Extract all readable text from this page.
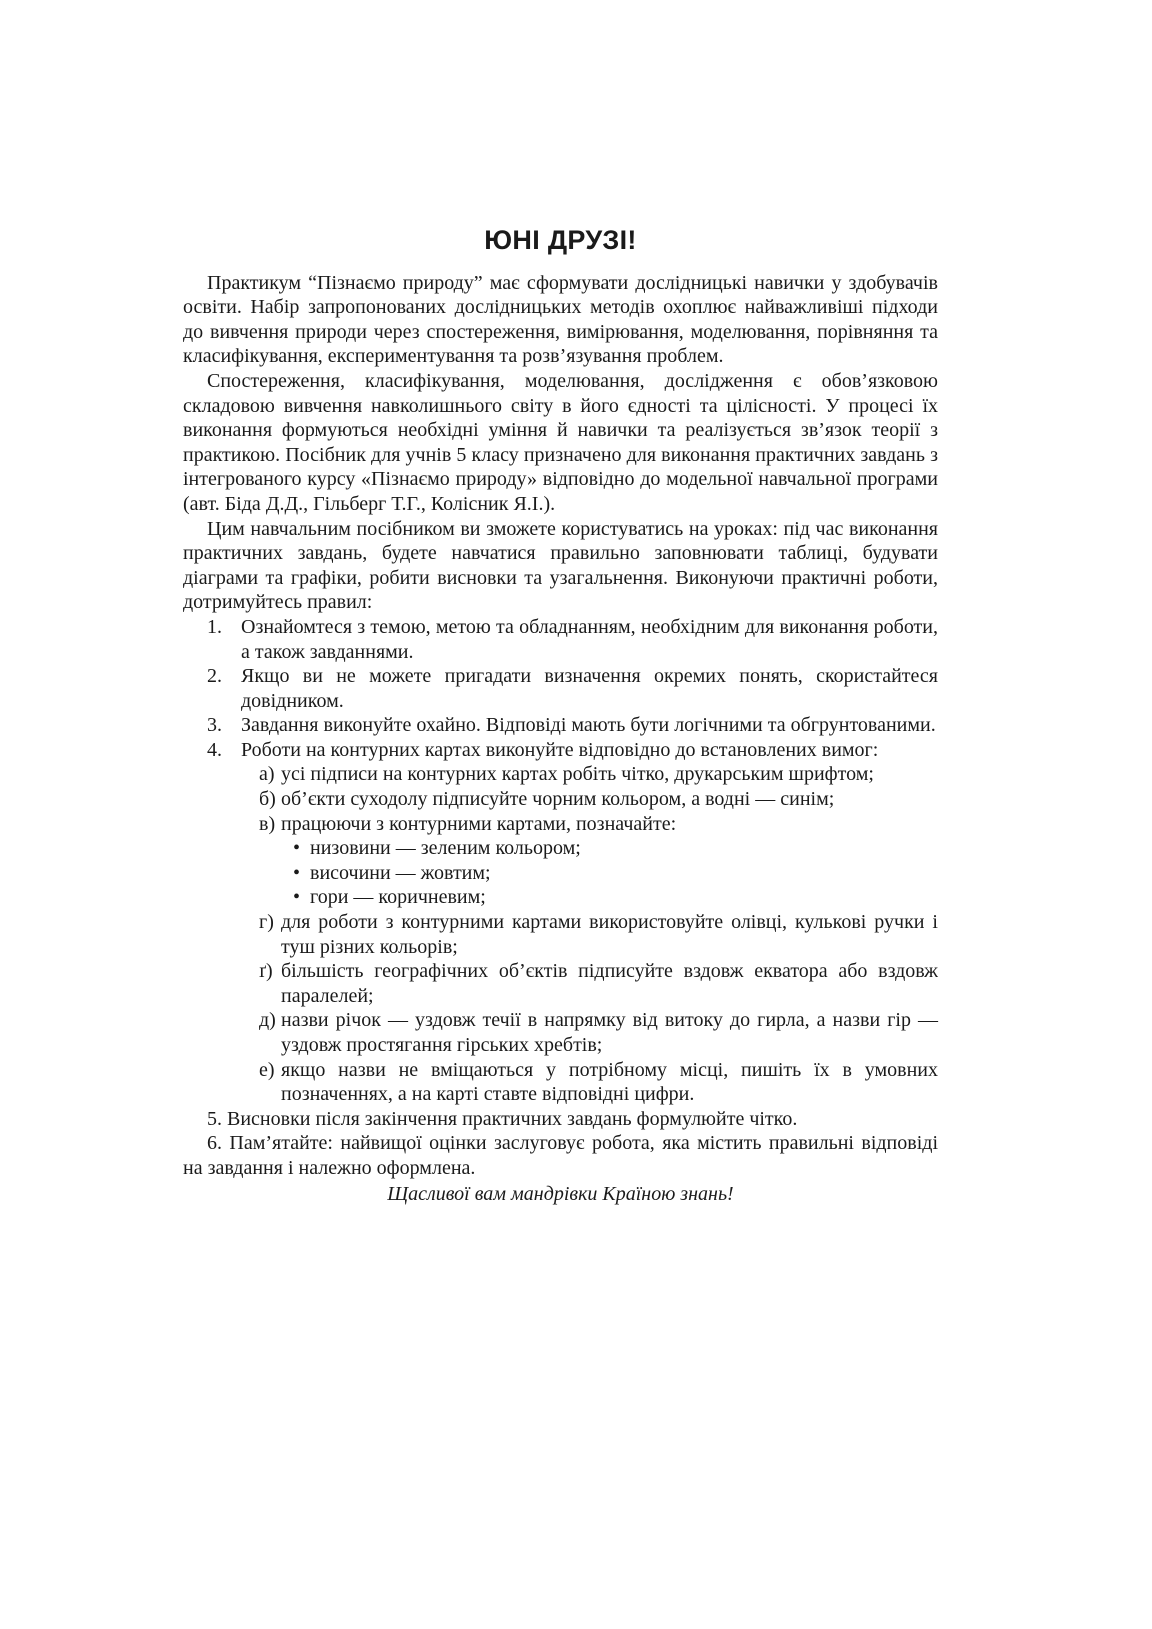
ЮНІ ДРУЗІ!

Практикум “Пізнаємо природу” має сформувати дослідницькі навички у здобувачів освіти. Набір запропонованих дослідницьких методів охоплює найважливіші підходи до вивчення природи через спостереження, вимірювання, моделювання, порівняння та класифікування, експериментування та розв’язування проблем.

Спостереження, класифікування, моделювання, дослідження є обов’язковою складовою вивчення навколишнього світу в його єдності та цілісності. У процесі їх виконання формуються необхідні уміння й навички та реалізується зв’язок теорії з практикою. Посібник для учнів 5 класу призначено для виконання практичних завдань з інтегрованого курсу «Пізнаємо природу» відповідно до модельної навчальної програми (авт. Біда Д.Д., Гільберг Т.Г., Колісник Я.І.).

Цим навчальним посібником ви зможете користуватись на уроках: під час виконання практичних завдань, будете навчатися правильно заповнювати таблиці, будувати діаграми та графіки, робити висновки та узагальнення. Виконуючи практичні роботи, дотримуйтесь правил:

1. Ознайомтеся з темою, метою та обладнанням, необхідним для виконання роботи, а також завданнями.
2. Якщо ви не можете пригадати визначення окремих понять, скористайтеся довідником.
3. Завдання виконуйте охайно. Відповіді мають бути логічними та обгрунтованими.
4. Роботи на контурних картах виконуйте відповідно до встановлених вимог:
а) усі підписи на контурних картах робіть чітко, друкарським шрифтом;
б) об’єкти суходолу підписуйте чорним кольором, а водні — синім;
в) працюючи з контурними картами, позначайте:
• низовини — зеленим кольором;
• височини — жовтим;
• гори — коричневим;
г) для роботи з контурними картами використовуйте олівці, кулькові ручки і туш різних кольорів;
ґ) більшість географічних об’єктів підписуйте вздовж екватора або вздовж паралелей;
д) назви річок — уздовж течії в напрямку від витоку до гирла, а назви гір — уздовж простягання гірських хребтів;
е) якщо назви не вміщаються у потрібному місці, пишіть їх в умовних позначеннях, а на карті ставте відповідні цифри.

5. Висновки після закінчення практичних завдань формулюйте чітко.

6. Пам’ятайте: найвищої оцінки заслуговує робота, яка містить правильні відповіді на завдання і належно оформлена.

Щасливої вам мандрівки Країною знань!
